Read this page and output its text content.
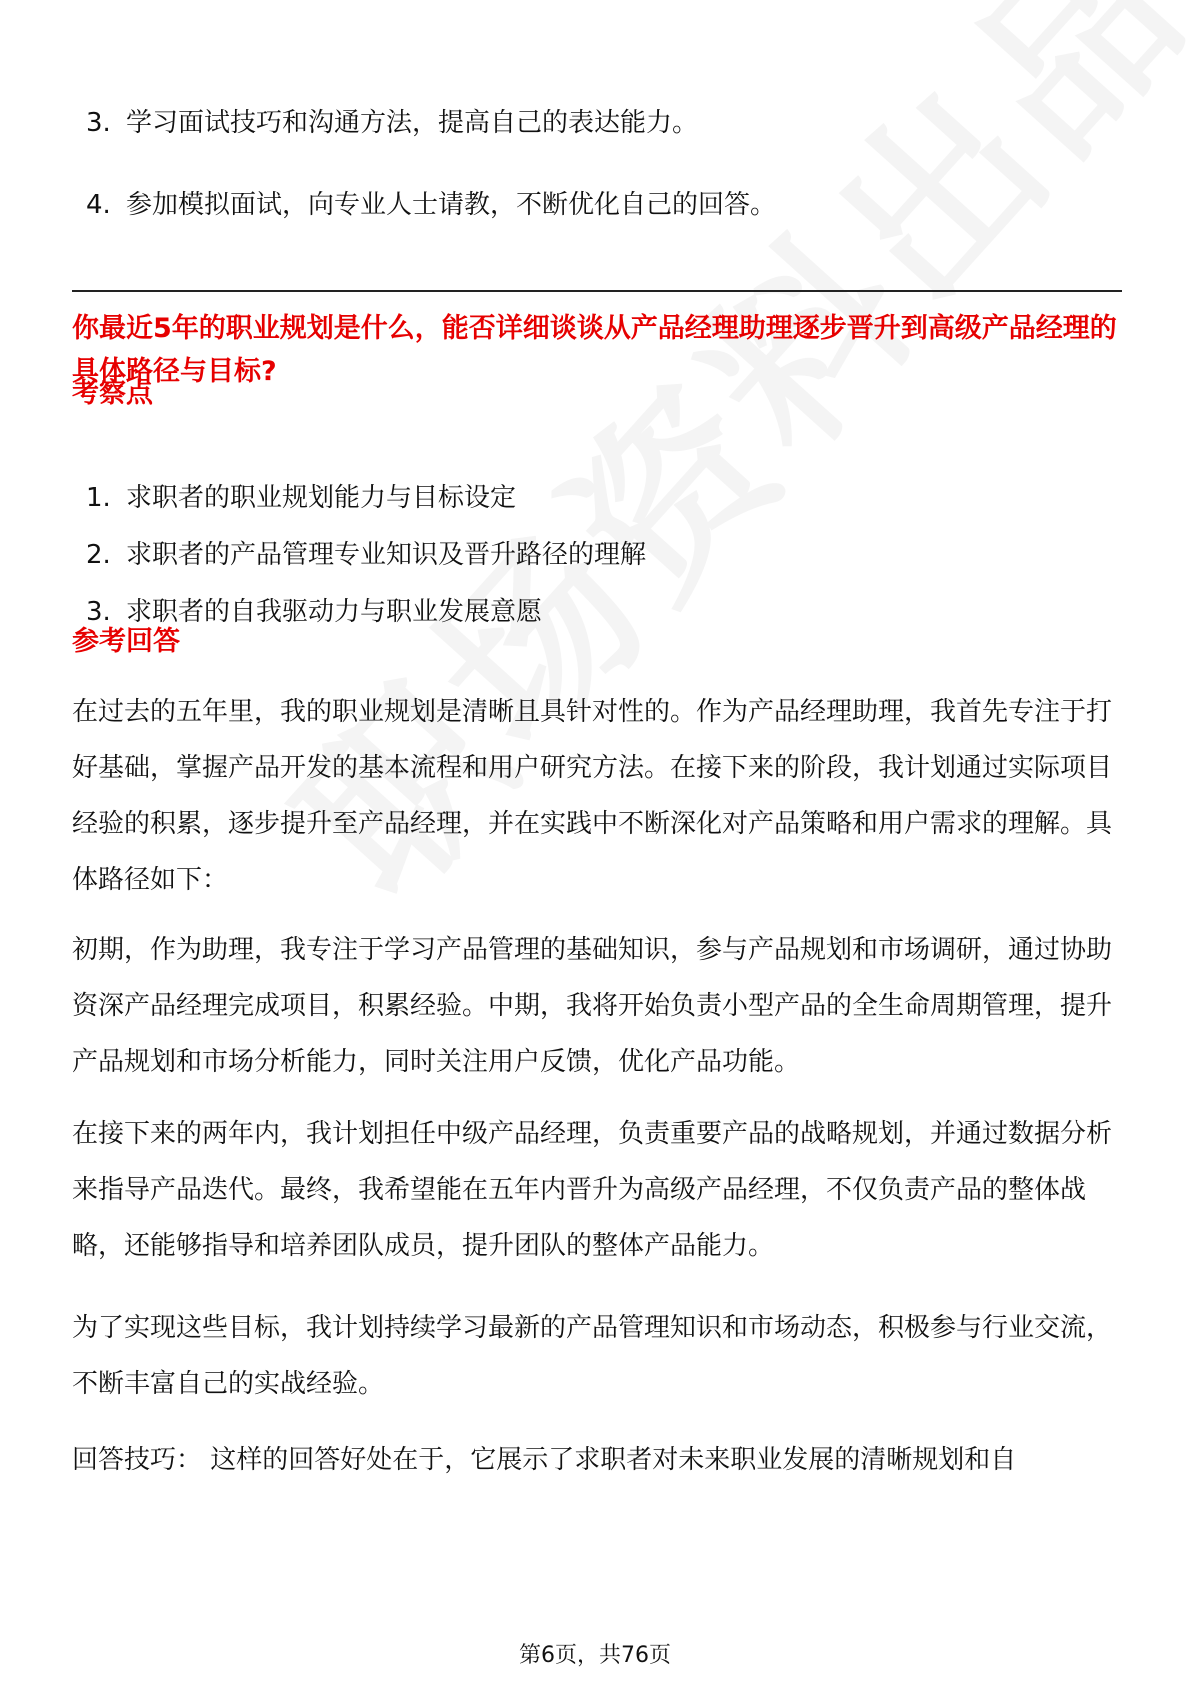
3. 学习面试技巧和沟通方法，提高自己的表达能力。
4. 参加模拟面试，向专业人士请教，不断优化自己的回答。
你最近5年的职业规划是什么，能否详细谈谈从产品经理助理逐步晋升到高级产品经理的具体路径与目标?
考察点
1. 求职者的职业规划能力与目标设定
2. 求职者的产品管理专业知识及晋升路径的理解
3. 求职者的自我驱动力与职业发展意愿
参考回答

在过去的五年里，我的职业规划是清晰且具针对性的。作为产品经理助理，我首先专注于打好基础，掌握产品开发的基本流程和用户研究方法。在接下来的阶段，我计划通过实际项目经验的积累，逐步提升至产品经理，并在实践中不断深化对产品策略和用户需求的理解。具体路径如下：

初期，作为助理，我专注于学习产品管理的基础知识，参与产品规划和市场调研，通过协助资深产品经理完成项目，积累经验。中期，我将开始负责小型产品的全生命周期管理，提升产品规划和市场分析能力，同时关注用户反馈，优化产品功能。

在接下来的两年内，我计划担任中级产品经理，负责重要产品的战略规划，并通过数据分析来指导产品迭代。最终，我希望能在五年内晋升为高级产品经理，不仅负责产品的整体战略，还能够指导和培养团队成员，提升团队的整体产品能力。

为了实现这些目标，我计划持续学习最新的产品管理知识和市场动态，积极参与行业交流，不断丰富自己的实战经验。

回答技巧： 这样的回答好处在于，它展示了求职者对未来职业发展的清晰规划和自

第6页，共76页
